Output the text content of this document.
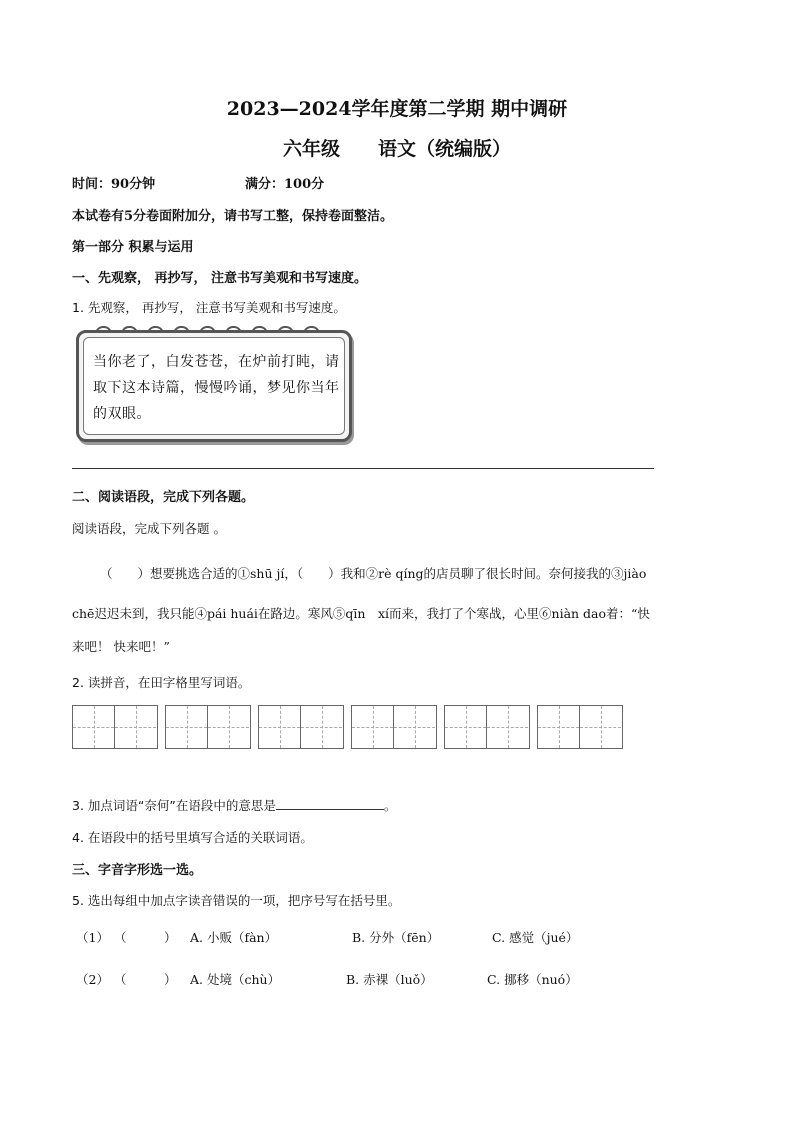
2023—2024学年度第二学期 期中调研
六年级　　语文（统编版）
时间：90分钟	满分：100分
本试卷有5分卷面附加分，请书写工整，保持卷面整洁。
第一部分 积累与运用
一、先观察， 再抄写， 注意书写美观和书写速度。
1. 先观察， 再抄写， 注意书写美观和书写速度。
当你老了，白发苍苍，在炉前打盹，请取下这本诗篇，慢慢吟诵，梦见你当年的双眼。
二、阅读语段，完成下列各题。
阅读语段，完成下列各题 。
（　　）想要挑选合适的①shū jí，（　　）我和②rè qíng的店员聊了很长时间。奈何接我的③jiào
chē迟迟未到，我只能④pái huái在路边。寒风⑤qīn　xí而来，我打了个寒战，心里⑥niàn dao着：“快
来吧！ 快来吧！”
2. 读拼音，在田字格里写词语。
3. 加点词语“奈何”在语段中的意思是	。
4. 在语段中的括号里填写合适的关联词语。
三、字音字形选一选。
5. 选出每组中加点字读音错误的一项，把序号写在括号里。
（1） （　　　） A. 小贩（fàn）	B. 分外（fēn）	C. 感觉（jué）
（2） （　　　） A. 处境（chù）	B. 赤裸（luǒ）	C. 挪移（nuó）
